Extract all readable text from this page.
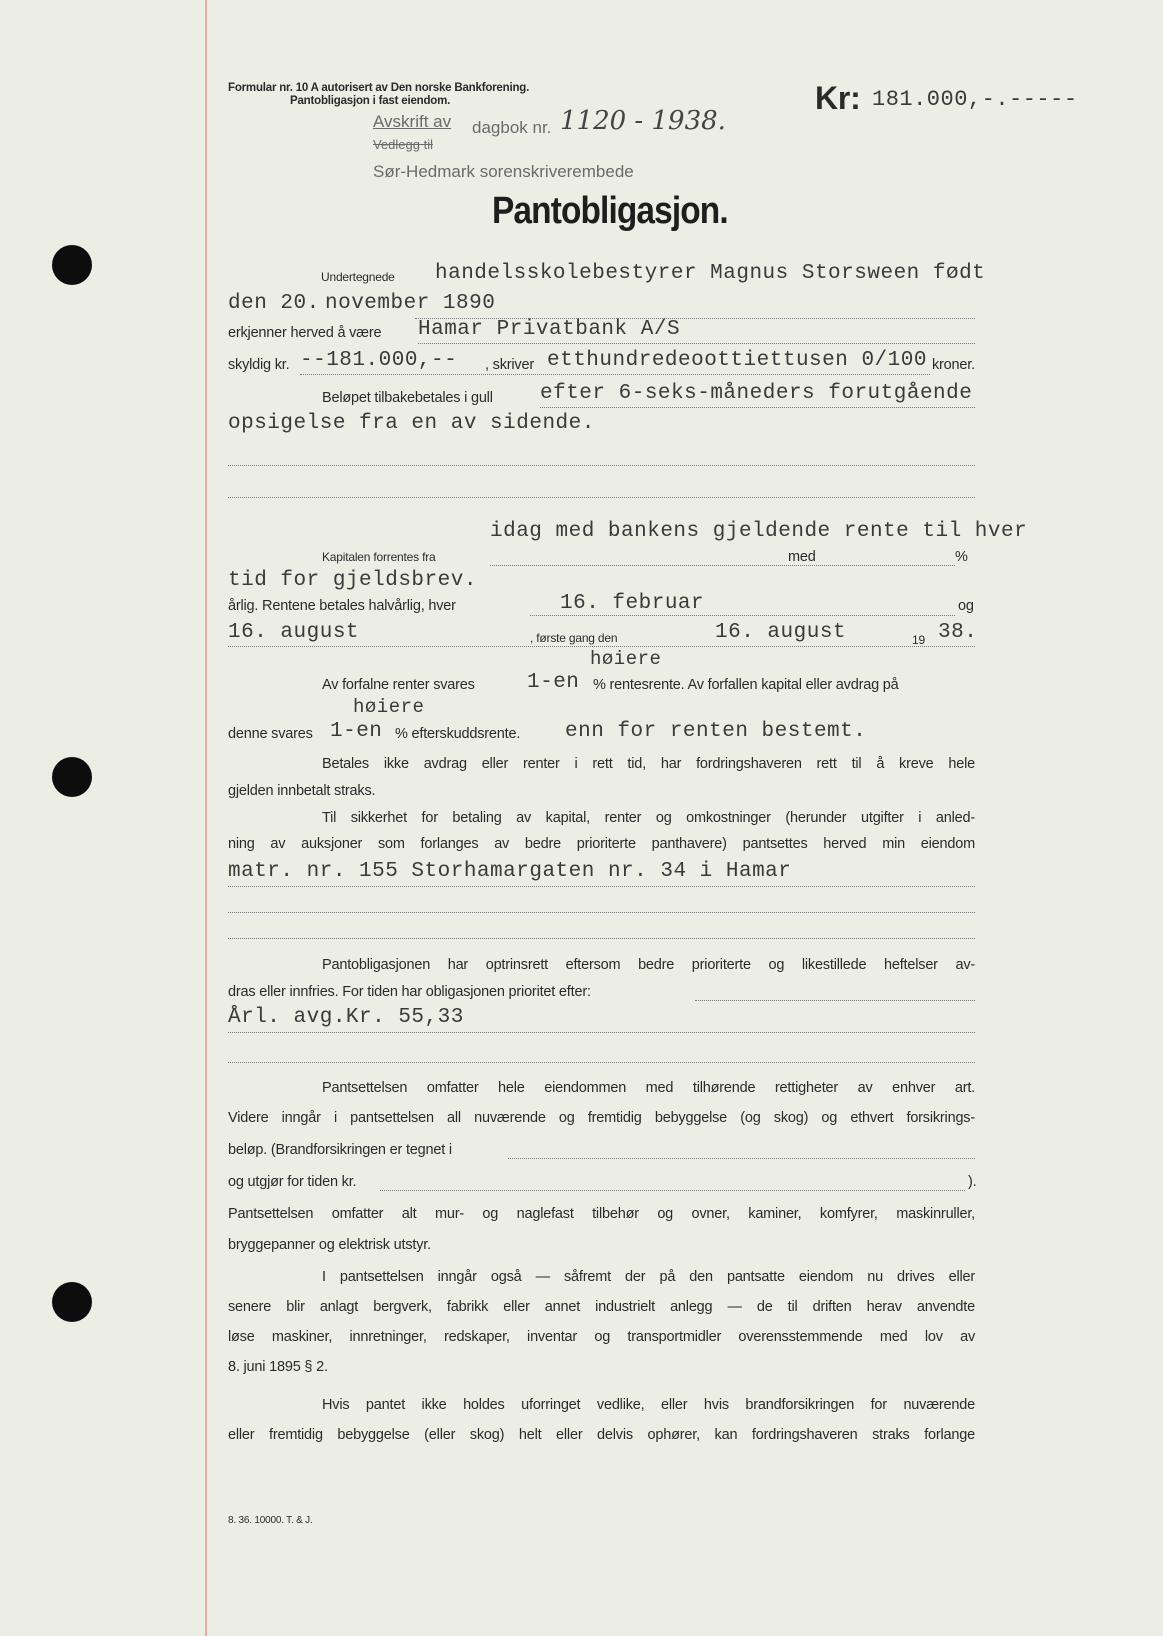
Formular nr. 10 A autorisert av Den norske Bankforening.
Pantobligasjon i fast eiendom.	Kr: 181.000,-.-----
Avskrift av
Vedlegg til
dagbok nr. 1120 - 1938.
Sør-Hedmark sorenskriverembede
Pantobligasjon.
Undertegnede handelsskolebestyrer Magnus Storsween født
den 20. november 1890
erkjenner herved å være Hamar Privatbank A/S
skyldig kr. --181.000,-- , skriver etthundredeoottiettusen 0/100 kroner.
Beløpet tilbakebetales i gull efter 6-seks-måneders forutgående
opsigelse fra en av sidende.
idag med bankens gjeldende rente til hver
Kapitalen forrentes fra	med	%
tid for gjeldsbrev.
årlig. Rentene betales halvårlig, hver	16. februar	og
16. august	, første gang den	16. august	19 38.
høiere
Av forfalne renter svares 1-en % rentesrente. Av forfallen kapital eller avdrag på
høiere
denne svares 1-en % efterskuddsrente. enn for renten bestemt.
Betales ikke avdrag eller renter i rett tid, har fordringshaveren rett til å kreve hele
gjelden innbetalt straks.
Til sikkerhet for betaling av kapital, renter og omkostninger (herunder utgifter i anled-
ning av auksjoner som forlanges av bedre prioriterte panthavere) pantsettes herved min eiendom
matr. nr. 155 Storhamargaten nr. 34 i Hamar
Pantobligasjonen har optrinsrett eftersom bedre prioriterte og likestillede heftelser av-
dras eller innfries. For tiden har obligasjonen prioritet efter:
Årl. avg.Kr. 55,33
Pantsettelsen omfatter hele eiendommen med tilhørende rettigheter av enhver art.
Videre inngår i pantsettelsen all nuværende og fremtidig bebyggelse (og skog) og ethvert forsikrings-
beløp. (Brandforsikringen er tegnet i
og utgjør for tiden kr.	).
Pantsettelsen omfatter alt mur- og naglefast tilbehør og ovner, kaminer, komfyrer, maskinruller,
bryggepanner og elektrisk utstyr.
I pantsettelsen inngår også — såfremt der på den pantsatte eiendom nu drives eller
senere blir anlagt bergverk, fabrikk eller annet industrielt anlegg — de til driften herav anvendte
løse maskiner, innretninger, redskaper, inventar og transportmidler overensstemmende med lov av
8. juni 1895 § 2.
Hvis pantet ikke holdes uforringet vedlike, eller hvis brandforsikringen for nuværende
eller fremtidig bebyggelse (eller skog) helt eller delvis ophører, kan fordringshaveren straks forlange
8. 36. 10000. T. & J.
